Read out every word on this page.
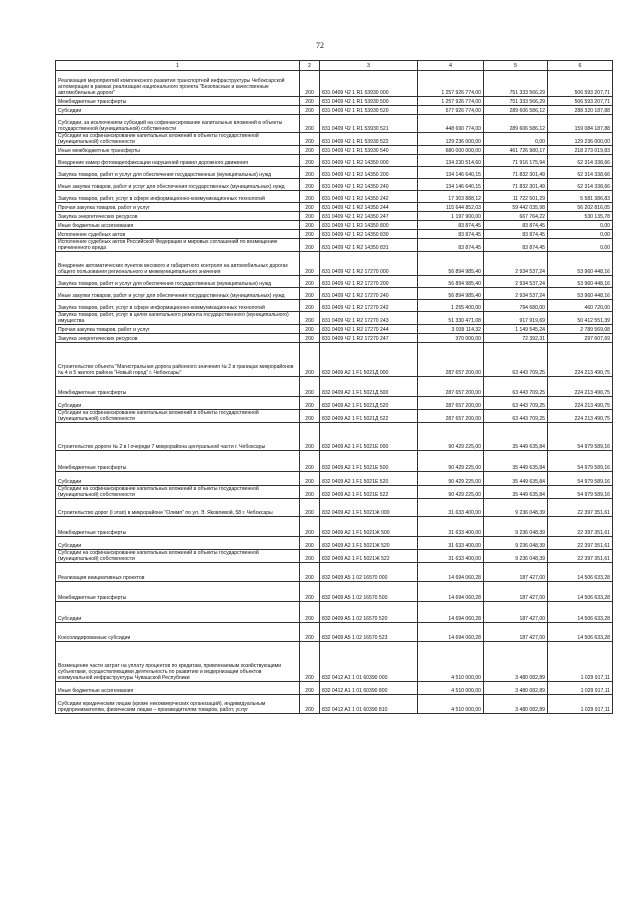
72
1	2	3	4	5	6
Реализация мероприятий комплексного развития транспортной инфраструктуры Чебоксарской агломерации в рамках реализации национального проекта "Безопасные и качественные автомобильные дороги"	200	831 0409 Ч2 1 R1 53930 000	1 257 926 774,00	751 333 566,29	506 593 207,71
Межбюджетные трансферты	200	831 0409 Ч2 1 R1 53930 500	1 257 926 774,00	751 333 566,29	506 593 207,71
Субсидии	200	831 0409 Ч2 1 R1 53930 520	577 926 774,00	289 606 586,12	288 320 187,88
Субсидии, за исключением субсидий на софинансирование капитальных вложений в объекты государственной (муниципальной) собственности	200	831 0409 Ч2 1 R1 53930 521	448 690 774,00	289 606 586,12	159 084 187,88
Субсидии на софинансирование капитальных вложений в объекты государственной (муниципальной) собственности	200	831 0409 Ч2 1 R1 53930 522	129 236 000,00	0,00	129 236 000,00
Иные межбюджетные трансферты	200	831 0409 Ч2 1 R1 53930 540	680 000 000,00	461 726 980,17	218 273 019,83
Внедрение камер фотовидеофиксации нарушений правил дорожного движения	200	831 0409 Ч2 1 R2 14350 000	134 230 514,60	71 916 175,94	62 314 338,66
Закупка товаров, работ и услуг для обеспечения государственных (муниципальных) нужд	200	831 0409 Ч2 1 R2 14350 200	134 146 640,15	71 832 301,49	62 314 338,66
Иные закупки товаров, работ и услуг для обеспечения государственных (муниципальных) нужд	200	831 0409 Ч2 1 R2 14350 240	134 146 640,15	71 832 301,49	62 314 338,66
Закупка товаров, работ, услуг в сфере информационно-коммуникационных технологий	200	831 0409 Ч2 1 R2 14350 242	17 303 888,12	11 722 501,29	5 581 386,83
Прочая закупка товаров, работ и услуг	200	831 0409 Ч2 1 R2 14350 244	115 644 852,03	59 442 035,98	56 202 816,05
Закупка энергетических ресурсов	200	831 0409 Ч2 1 R2 14350 247	1 197 900,00	667 764,22	530 135,78
Иные бюджетные ассигнования	200	831 0409 Ч2 1 R2 14350 800	83 874,45	83 874,45	0,00
Исполнение судебных актов	200	831 0409 Ч2 1 R2 14350 830	83 874,45	83 874,45	0,00
Исполнение судебных актов Российской Федерации и мировых соглашений по возмещению причиненного вреда	200	831 0409 Ч2 1 R2 14350 831	83 874,45	83 874,45	0,00
Внедрение автоматических пунктов весового и габаритного контроля на автомобильных дорогах общего пользования регионального и межмуниципального значения	200	831 0409 Ч2 1 R2 17270 000	56 894 985,40	2 934 537,24	53 960 448,16
Закупка товаров, работ и услуг для обеспечения государственных (муниципальных) нужд	200	831 0409 Ч2 1 R2 17270 200	56 894 985,40	2 934 537,24	53 960 448,16
Иные закупки товаров, работ и услуг для обеспечения государственных (муниципальных) нужд	200	831 0409 Ч2 1 R2 17270 240	56 894 985,40	2 934 537,24	53 960 448,16
Закупка товаров, работ, услуг в сфере информационно-коммуникационных технологий	200	831 0409 Ч2 1 R2 17270 242	1 255 400,00	794 680,00	460 720,00
Закупка товаров, работ, услуг в целях капитального ремонта государственного (муниципального) имущества	200	831 0409 Ч2 1 R2 17270 243	51 330 471,08	917 919,69	50 412 551,39
Прочая закупка товаров, работ и услуг	200	831 0409 Ч2 1 R2 17270 244	3 939 114,32	1 149 545,24	2 789 569,08
Закупка энергетических ресурсов	200	831 0409 Ч2 1 R2 17270 247	370 000,00	72 392,31	297 607,69
Строительство объекта "Магистральная дорога районного значения № 2 в границах микрорайонов № 4 и 5 жилого района "Новый город" г. Чебоксары"	200	832 0409 A2 1 F1 5021Д 000	287 657 200,00	63 443 709,25	224 213 490,75
Межбюджетные трансферты	200	832 0409 A2 1 F1 5021Д 500	287 657 200,00	63 443 709,25	224 213 490,75
Субсидии	200	832 0409 A2 1 F1 5021Д 520	287 657 200,00	63 443 709,25	224 213 490,75
Субсидии на софинансирование капитальных вложений в объекты государственной (муниципальной) собственности	200	832 0409 A2 1 F1 5021Д 522	287 657 200,00	63 443 709,25	224 213 490,75
Строительство дороги № 2 в I очереди 7 микрорайона центральной части г. Чебоксары	200	832 0409 A2 1 F1 5021E 000	90 429 225,00	35 449 635,84	54 979 589,16
Межбюджетные трансферты	200	832 0409 A2 1 F1 5021E 500	90 429 225,00	35 449 635,84	54 979 589,16
Субсидии	200	832 0409 A2 1 F1 5021E 520	90 429 225,00	35 449 635,84	54 979 589,16
Субсидии на софинансирование капитальных вложений в объекты государственной (муниципальной) собственности	200	832 0409 A2 1 F1 5021E 522	90 429 225,00	35 449 635,84	54 979 589,16
Строительство дорог (I этап) в микрорайоне "Олимп" по ул. Э. Яковлевой, 58 г. Чебоксары	200	832 0409 A2 1 F1 5021Ж 000	31 633 400,00	9 236 048,39	22 397 351,61
Межбюджетные трансферты	200	832 0409 A2 1 F1 5021Ж 500	31 633 400,00	9 236 048,39	22 397 351,61
Субсидии	200	832 0409 A2 1 F1 5021Ж 520	31 633 400,00	9 236 048,39	22 397 351,61
Субсидии на софинансирование капитальных вложений в объекты государственной (муниципальной) собственности	200	832 0409 A2 1 F1 5021Ж 522	31 633 400,00	9 236 048,39	22 397 351,61
Реализация инициативных проектов	200	832 0409 A5 1 02 16570 000	14 694 060,28	187 427,00	14 506 633,28
Межбюджетные трансферты	200	832 0409 A5 1 02 16570 500	14 694 060,28	187 427,00	14 506 633,28
Субсидии	200	832 0409 A5 1 02 16570 520	14 694 060,28	187 427,00	14 506 633,28
Консолидированные субсидии	200	832 0409 A5 1 02 16570 523	14 694 060,28	187 427,00	14 506 633,28
Возмещение части затрат на уплату процентов по кредитам, привлекаемым хозяйствующими субъектами, осуществляющими деятельность по развитию и модернизации объектов коммунальной инфраструктуры Чувашской Республики	200	832 0412 A1 1 01 60390 000	4 510 000,00	3 480 082,89	1 029 917,11
Иные бюджетные ассигнования	200	832 0412 A1 1 01 60390 800	4 510 000,00	3 480 082,89	1 029 917,11
Субсидии юридическим лицам (кроме некоммерческих организаций), индивидуальным предпринимателям, физическим лицам – производителям товаров, работ, услуг	200	832 0412 A1 1 01 60390 810	4 510 000,00	3 480 082,89	1 029 917,11
